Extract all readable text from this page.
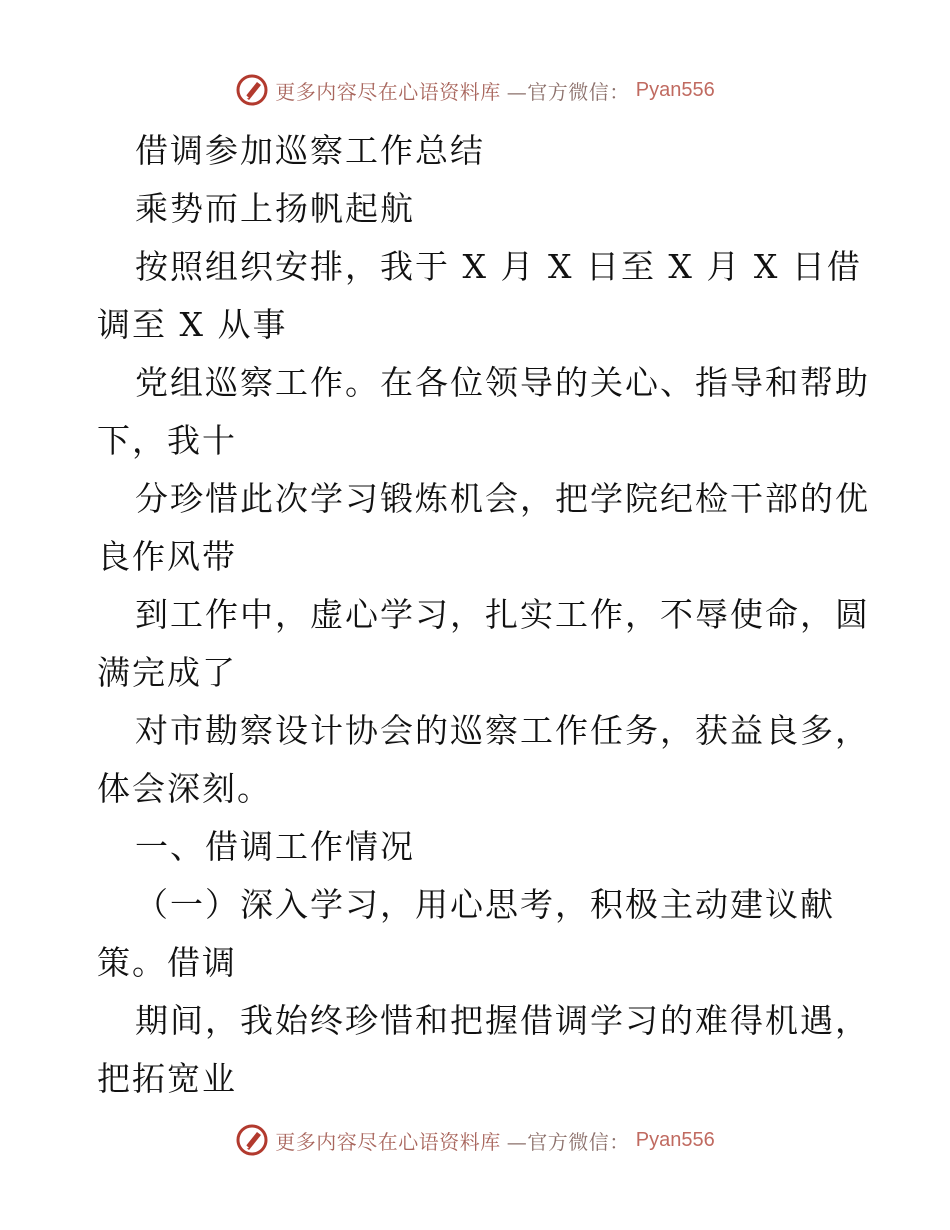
更多内容尽在心语资料库 —官方微信： Pyan556
借调参加巡察工作总结
乘势而上扬帆起航
按照组织安排，我于 X 月 X 日至 X 月 X 日借
调至 X 从事
党组巡察工作。在各位领导的关心、指导和帮助
下，我十
分珍惜此次学习锻炼机会，把学院纪检干部的优
良作风带
到工作中，虚心学习，扎实工作，不辱使命，圆
满完成了
对市勘察设计协会的巡察工作任务，获益良多，
体会深刻。
一、借调工作情况
（一）深入学习，用心思考，积极主动建议献
策。借调
期间，我始终珍惜和把握借调学习的难得机遇，
把拓宽业
更多内容尽在心语资料库 —官方微信： Pyan556
